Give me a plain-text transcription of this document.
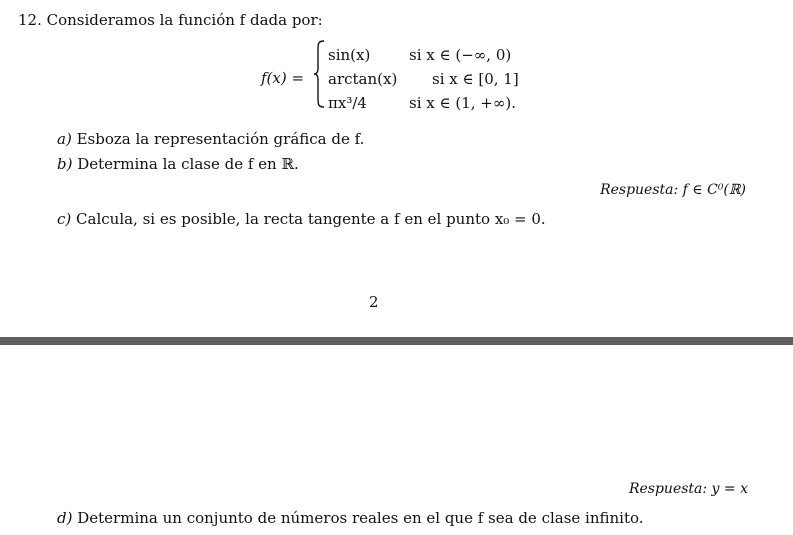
12. Consideramos la función f dada por:
f(x) =
sin(x)	si x ∈ (−∞, 0)
arctan(x) si x ∈ [0, 1]
πx³/4	si x ∈ (1, +∞).
a) Esboza la representación gráfica de f.
b) Determina la clase de f en ℝ.
Respuesta: f ∈ C⁰(ℝ)
c) Calcula, si es posible, la recta tangente a f en el punto x₀ = 0.
2
Respuesta: y = x
d) Determina un conjunto de números reales en el que f sea de clase infinito.
